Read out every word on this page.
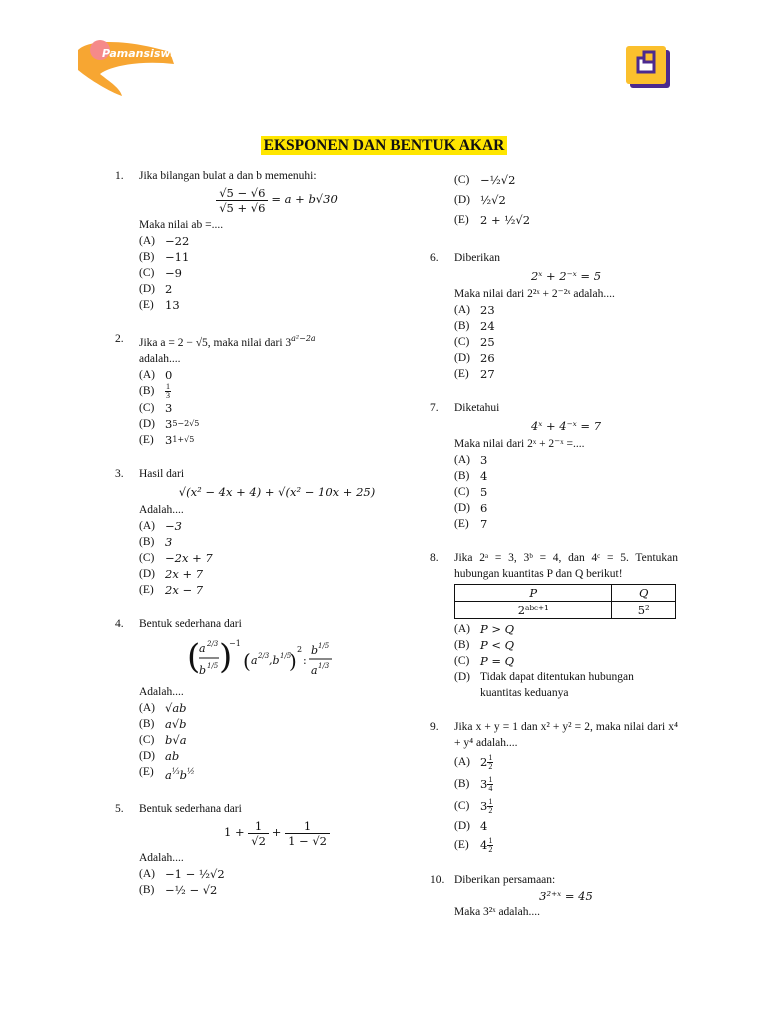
Pamansiswa
EKSPONEN DAN BENTUK AKAR
1. Jika bilangan bulat a dan b memenuhi:
$\frac{√5 - √6}{√5 + √6} = a + b√30$
Maka nilai ab =....
(A) −22
(B) −11
(C) −9
(D) 2
(E) 13
2. Jika a = 2 − √5, maka nilai dari $3^{a^2-2a}$
adalah....
(A) 0
(B)	1
3
(C) 3
(D) 3 5−2√5
(E) 3 1+√5
3. Hasil dari
√(x² − 4x + 4) + √(x² − 10x + 25)
Adalah....
(A) −3
(B) 3
(C) −2x + 7
(D) 2x + 7
(E) 2x − 7
4. Bentuk sederhana dari
(
a 2/3
b 1/5 )
−1
( a 2/3 ,b 1/5
) 2
:
b 1/5
a 1/3
Adalah....
(A) √ab
(B) a√b
(C) b√a
(D) ab
(E) $a^{\frac{1}{3}}b^{\frac{1}{2}}$
5. Bentuk sederhana dari
$1 + \frac{1}{√2} + \frac{1}{1 - √2}$
Adalah....
(A) −1 − ½√2
(B) −½ − √2
(C) −½√2
(D) ½√2
(E) 2 + ½√2
6. Diberikan
2ˣ + 2⁻ˣ = 5
Maka nilai dari 2²ˣ + 2⁻²ˣ adalah....
(A) 23
(B) 24
(C) 25
(D) 26
(E) 27
7. Diketahui
4ˣ + 4⁻ˣ = 7
Maka nilai dari 2ˣ + 2⁻ˣ =....
(A) 3
(B) 4
(C) 5
(D) 6
(E) 7
8. Jika 2ᵃ = 3, 3ᵇ = 4, dan 4ᶜ = 5. Tentukan hubungan kuantitas P dan Q berikut!
P	Q
2ᵃᵇᶜ⁺¹	5²
(A) P > Q
(B) P < Q
(C) P = Q
(D) Tidak dapat ditentukan hubungan kuantitas keduanya
9. Jika x + y = 1 dan x² + y² = 2, maka nilai dari x⁴ + y⁴ adalah....
(A) 2 1
2
(B) 3 1
4
(C) 3 1
2
(D) 4
(E) 4 1
2
10. Diberikan persamaan:
3²⁺ˣ = 45
Maka 3²ˣ adalah....
